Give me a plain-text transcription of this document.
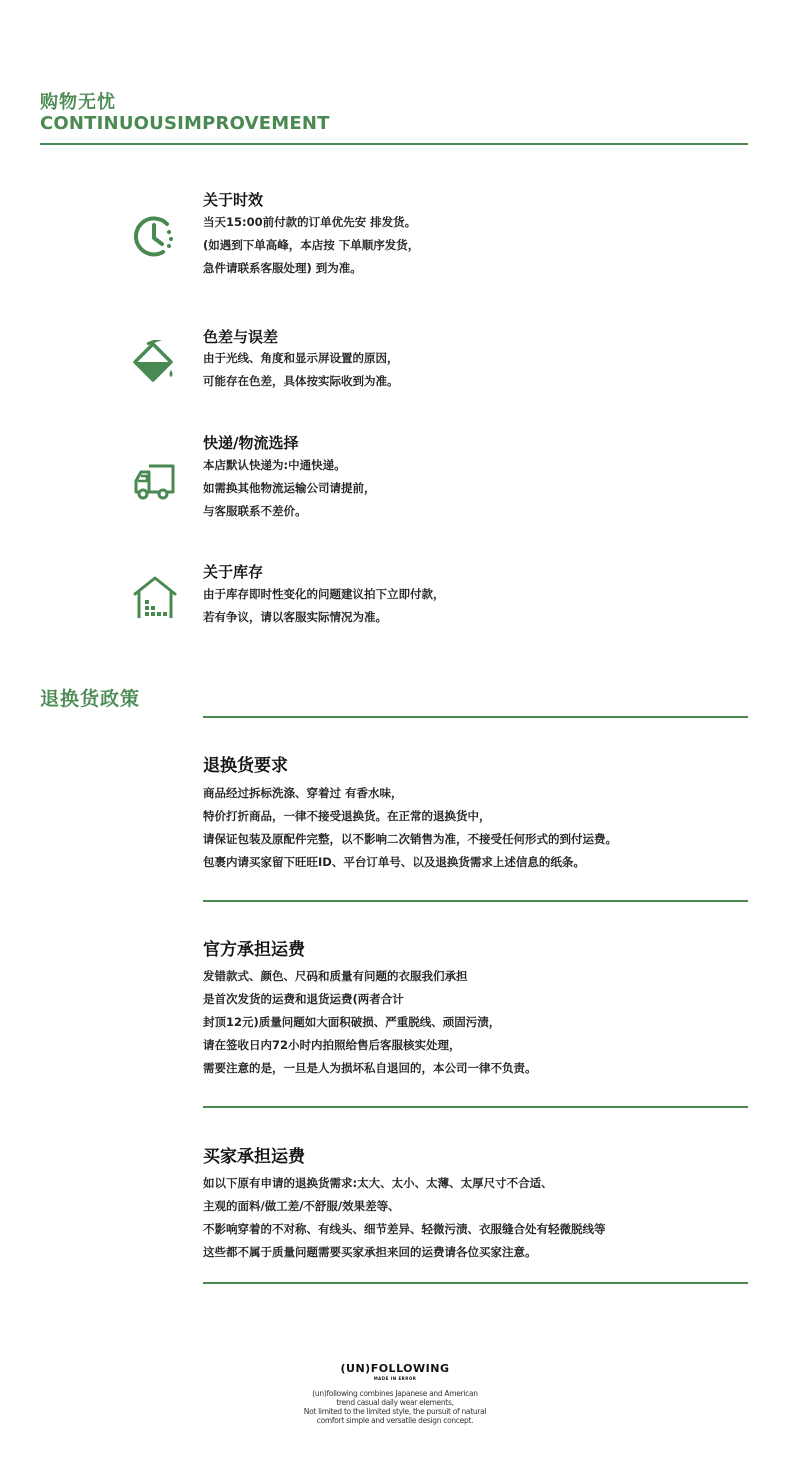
购物无忧
CONTINUOUSIMPROVEMENT
关于时效
当天15:00前付款的订单优先安 排发货。
(如遇到下单高峰，本店按 下单顺序发货，
急件请联系客服处理) 到为准。
色差与误差
由于光线、角度和显示屏设置的原因，
可能存在色差，具体按实际收到为准。
快递/物流选择
本店默认快递为:中通快递。
如需换其他物流运输公司请提前，
与客服联系不差价。
关于库存
由于库存即时性变化的问题建议拍下立即付款，
若有争议，请以客服实际情况为准。
退换货政策
退换货要求
商品经过拆标洗涤、穿着过 有香水味，
特价打折商品，一律不接受退换货。在正常的退换货中，
请保证包装及原配件完整，以不影响二次销售为准，不接受任何形式的到付运费。
包裹内请买家留下旺旺ID、平台订单号、以及退换货需求上述信息的纸条。
官方承担运费
发错款式、颜色、尺码和质量有问题的衣服我们承担
是首次发货的运费和退货运费(两者合计
封顶12元)质量问题如大面积破损、严重脱线、顽固污渍，
请在签收日内72小时内拍照给售后客服核实处理，
需要注意的是，一旦是人为损坏私自退回的，本公司一律不负责。
买家承担运费
如以下原有申请的退换货需求:太大、太小、太薄、太厚尺寸不合适、
主观的面料/做工差/不舒服/效果差等、
不影响穿着的不对称、有线头、细节差异、轻微污渍、衣服缝合处有轻微脱线等
这些都不属于质量问题需要买家承担来回的运费请各位买家注意。
(UN)FOLLOWING
MADE IN ERROR
(un)following combines Japanese and American
trend casual daily wear elements,
Not limited to the limited style, the pursuit of natural
comfort simple and versatile design concept.
